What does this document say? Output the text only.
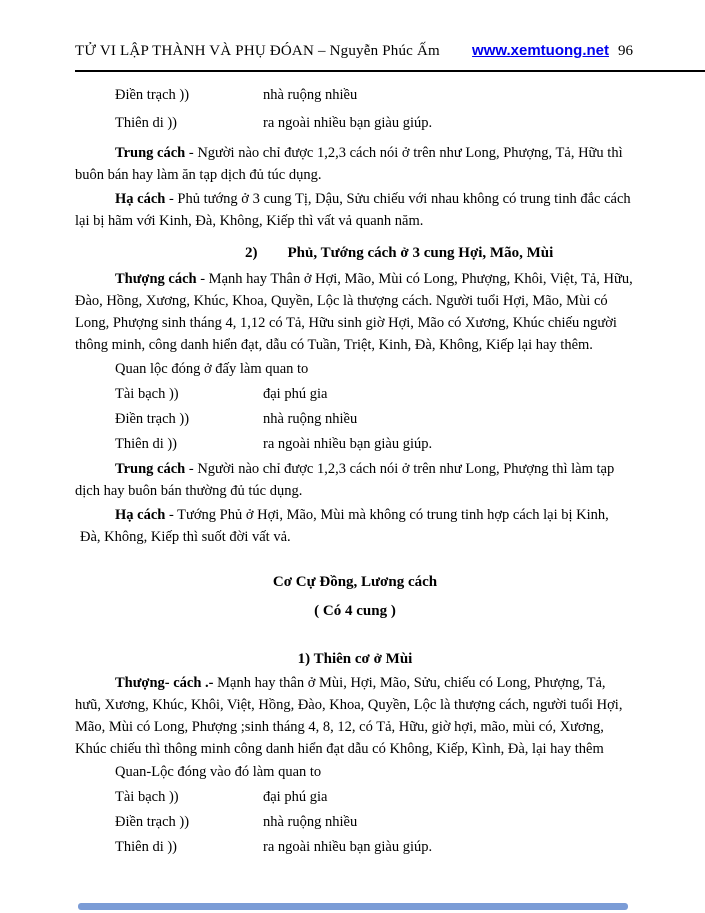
TỬ VI LẬP THÀNH VÀ PHỤ ĐÓAN – Nguyễn Phúc Ấm www.xemtuong.net 96
Điền trạch ))	nhà ruộng nhiều
Thiên di ))	ra ngoài nhiều bạn giàu giúp.

Trung cách - Người nào chỉ được 1,2,3 cách nói ở trên như Long, Phượng, Tả, Hữu thì buôn bán hay làm ăn tạp dịch đủ túc dụng.

Hạ cách - Phủ tướng ở 3 cung Tị, Dậu, Sửu chiếu với nhau không có trung tinh đắc cách lại bị hãm với Kinh, Đà, Không, Kiếp thì vất vả quanh năm.

2) Phủ, Tướng cách ở 3 cung Hợi, Mão, Mùi

Thượng cách - Mạnh hay Thân ở Hợi, Mão, Mùi có Long, Phượng, Khôi, Việt, Tả, Hữu, Đào, Hồng, Xương, Khúc, Khoa, Quyền, Lộc là thượng cách. Người tuổi Hợi, Mão, Mùi có Long, Phượng sinh tháng 4, 1,12 có Tả, Hữu sinh giờ Hợi, Mão có Xương, Khúc chiếu người thông minh, công danh hiển đạt, dẫu có Tuần, Triệt, Kinh, Đà, Không, Kiếp lại hay thêm.

Quan lộc đóng ở đấy làm quan to
Tài bạch ))	đại phú gia
Điền trạch ))	nhà ruộng nhiều
Thiên di ))	ra ngoài nhiều bạn giàu giúp.

Trung cách - Người nào chỉ được 1,2,3 cách nói ở trên như Long, Phượng thì làm tạp dịch hay buôn bán thường đủ túc dụng.

Hạ cách - Tướng Phủ ở Hợi, Mão, Mùi mà không có trung tinh hợp cách lại bị Kinh,
Đà, Không, Kiếp thì suốt đời vất vả.

Cơ Cự Đồng, Lương cách
( Có 4 cung )
1) Thiên cơ ở Mùi

Thượng- cách .- Mạnh hay thân ở Mùi, Hợi, Mão, Sửu, chiếu có Long, Phượng, Tả, hưũ, Xương, Khúc, Khôi, Việt, Hồng, Đào, Khoa, Quyền, Lộc là thượng cách, người tuổi Hợi, Mão, Mùi có Long, Phượng ;sinh tháng 4, 8, 12, có Tả, Hữu, giờ hợi, mão, mùi có, Xương, Khúc chiếu thì thông minh công danh hiển đạt dẫu có Không, Kiếp, Kình, Đà, lại hay thêm

Quan-Lộc đóng vào đó làm quan to
Tài bạch ))	đại phú gia
Điền trạch ))	nhà ruộng nhiều
Thiên di ))	ra ngoài nhiều bạn giàu giúp.
